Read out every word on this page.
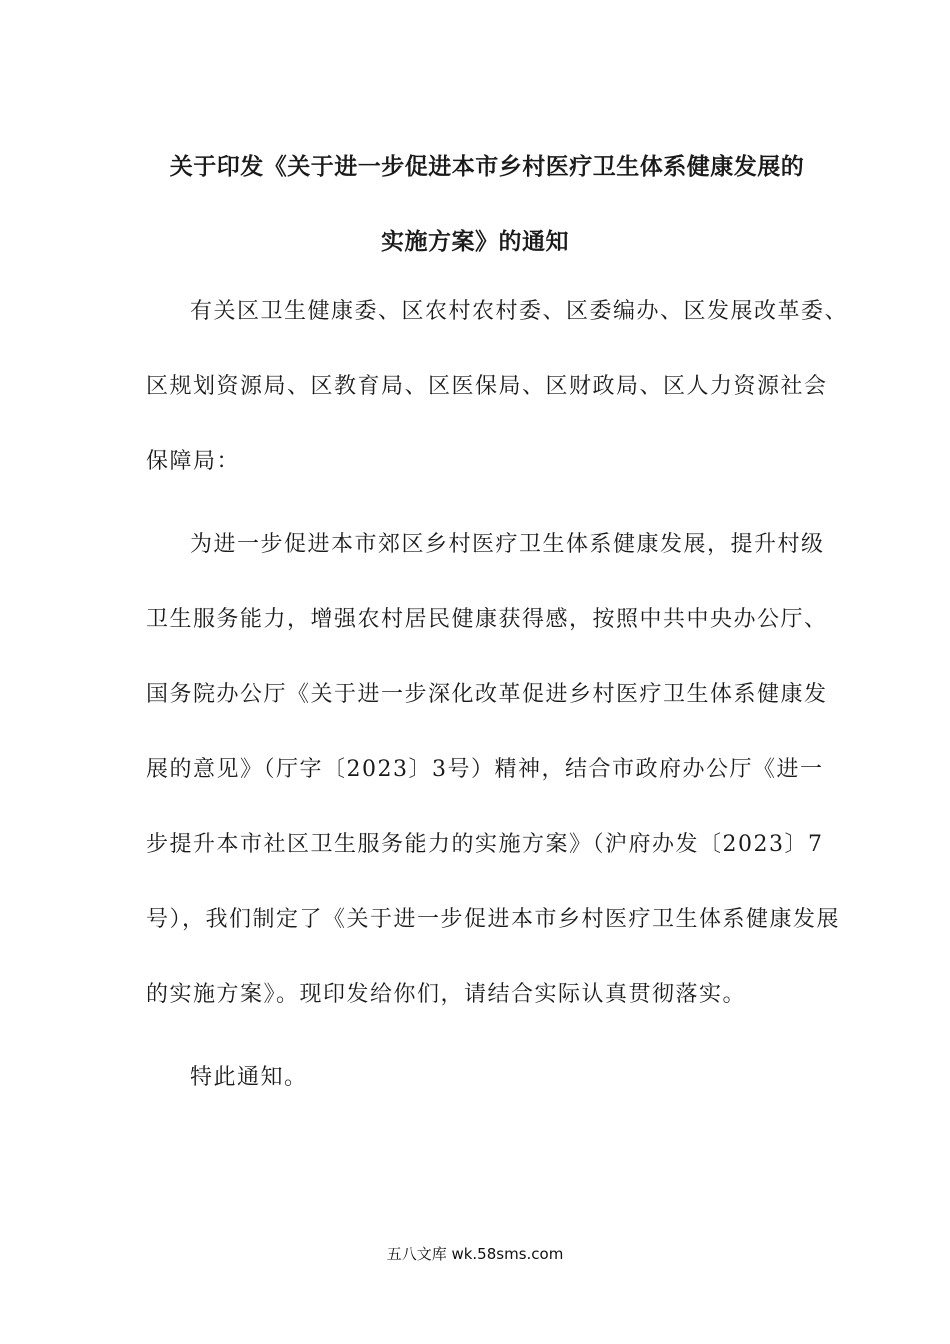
关于印发《关于进一步促进本市乡村医疗卫生体系健康发展的
实施方案》的通知
有关区卫生健康委、区农村农村委、区委编办、区发展改革委、
区规划资源局、区教育局、区医保局、区财政局、区人力资源社会
保障局：
为进一步促进本市郊区乡村医疗卫生体系健康发展，提升村级
卫生服务能力，增强农村居民健康获得感，按照中共中央办公厅、
国务院办公厅《关于进一步深化改革促进乡村医疗卫生体系健康发
展的意见》（厅字〔2023〕3号）精神，结合市政府办公厅《进一
步提升本市社区卫生服务能力的实施方案》（沪府办发〔2023〕7
号），我们制定了《关于进一步促进本市乡村医疗卫生体系健康发展
的实施方案》。现印发给你们，请结合实际认真贯彻落实。
特此通知。
五八文库 wk.58sms.com
